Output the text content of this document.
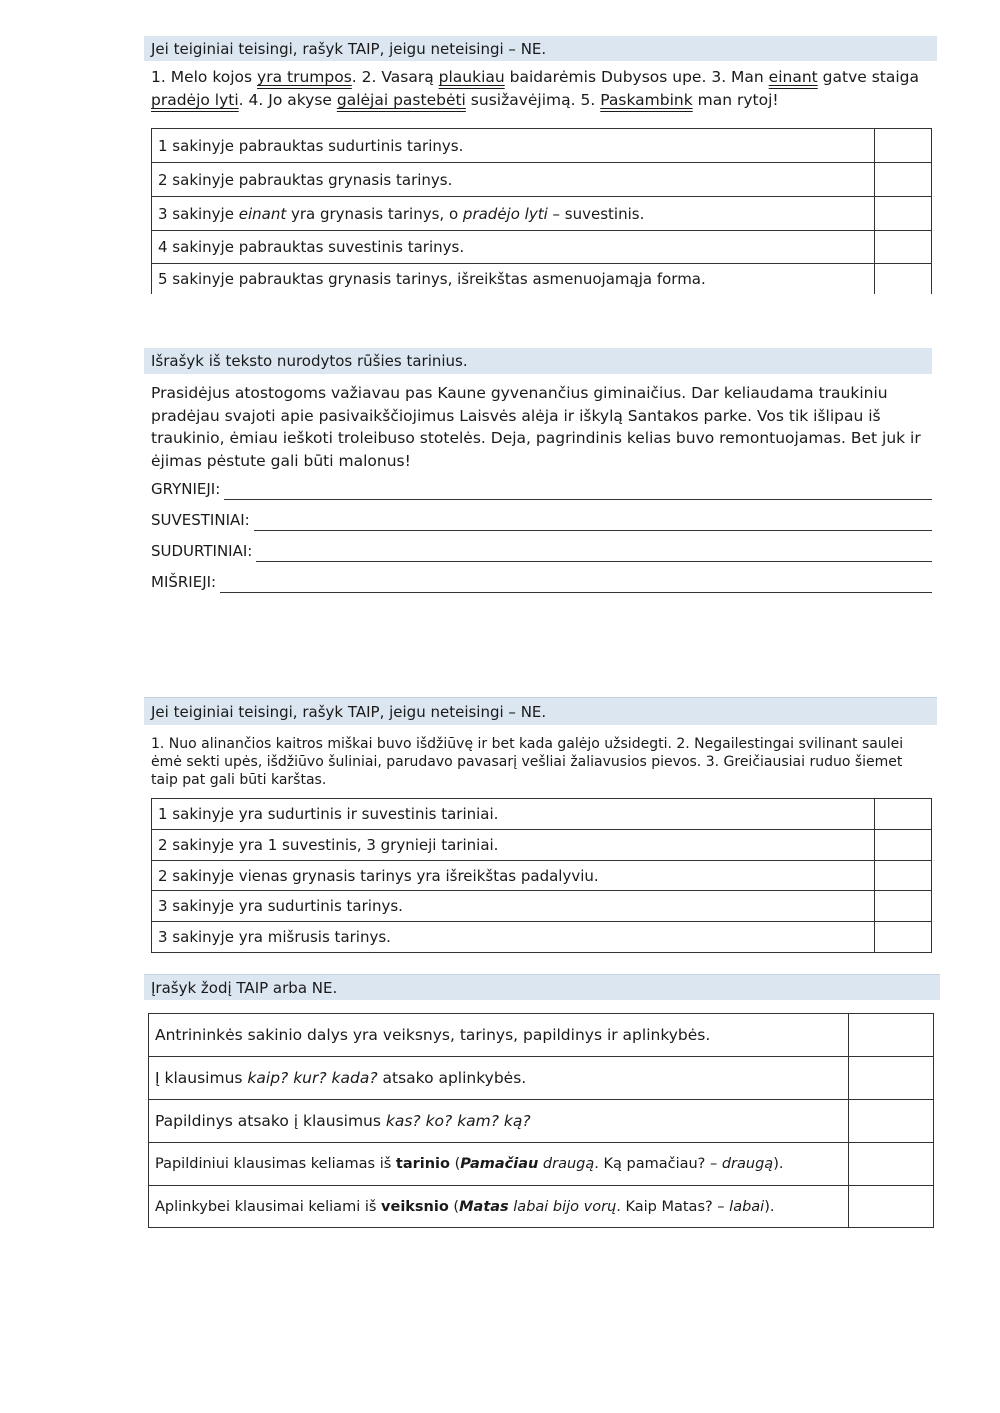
Jei teiginiai teisingi, rašyk TAIP, jeigu neteisingi – NE.
1. Melo kojos yra trumpos. 2. Vasarą plaukiau baidarėmis Dubysos upe. 3. Man einant gatve staiga pradėjo lyti. 4. Jo akyse galėjai pastebėti susižavėjimą. 5. Paskambink man rytoj!
1 sakinyje pabrauktas sudurtinis tarinys.	
2 sakinyje pabrauktas grynasis tarinys.	
3 sakinyje einant yra grynasis tarinys, o pradėjo lyti – suvestinis.	
4 sakinyje pabrauktas suvestinis tarinys.	
5 sakinyje pabrauktas grynasis tarinys, išreikštas asmenuojamąja forma.	
Išrašyk iš teksto nurodytos rūšies tarinius.
Prasidėjus atostogoms važiavau pas Kaune gyvenančius giminaičius. Dar keliaudama traukiniu pradėjau svajoti apie pasivaikščiojimus Laisvės alėja ir iškylą Santakos parke. Vos tik išlipau iš traukinio, ėmiau ieškoti troleibuso stotelės. Deja, pagrindinis kelias buvo remontuojamas. Bet juk ir ėjimas pėstute gali būti malonus!
GRYNIEJI:
SUVESTINIAI:
SUDURTINIAI:
MIŠRIEJI:
Jei teiginiai teisingi, rašyk TAIP, jeigu neteisingi – NE.
1. Nuo alinančios kaitros miškai buvo išdžiūvę ir bet kada galėjo užsidegti. 2. Negailestingai svilinant saulei ėmė sekti upės, išdžiūvo šuliniai, parudavo pavasarį vešliai žaliavusios pievos. 3. Greičiausiai ruduo šiemet taip pat gali būti karštas.
1 sakinyje yra sudurtinis ir suvestinis tariniai.	
2 sakinyje yra 1 suvestinis, 3 grynieji tariniai.	
2 sakinyje vienas grynasis tarinys yra išreikštas padalyviu.	
3 sakinyje yra sudurtinis tarinys.	
3 sakinyje yra mišrusis tarinys.	
Įrašyk žodį TAIP arba NE.
Antrininkės sakinio dalys yra veiksnys, tarinys, papildinys ir aplinkybės.	
Į klausimus kaip? kur? kada? atsako aplinkybės.	
Papildinys atsako į klausimus kas? ko? kam? ką?	
Papildiniui klausimas keliamas iš tarinio (Pamačiau draugą. Ką pamačiau? – draugą).	
Aplinkybei klausimai keliami iš veiksnio (Matas labai bijo vorų. Kaip Matas? – labai).	
